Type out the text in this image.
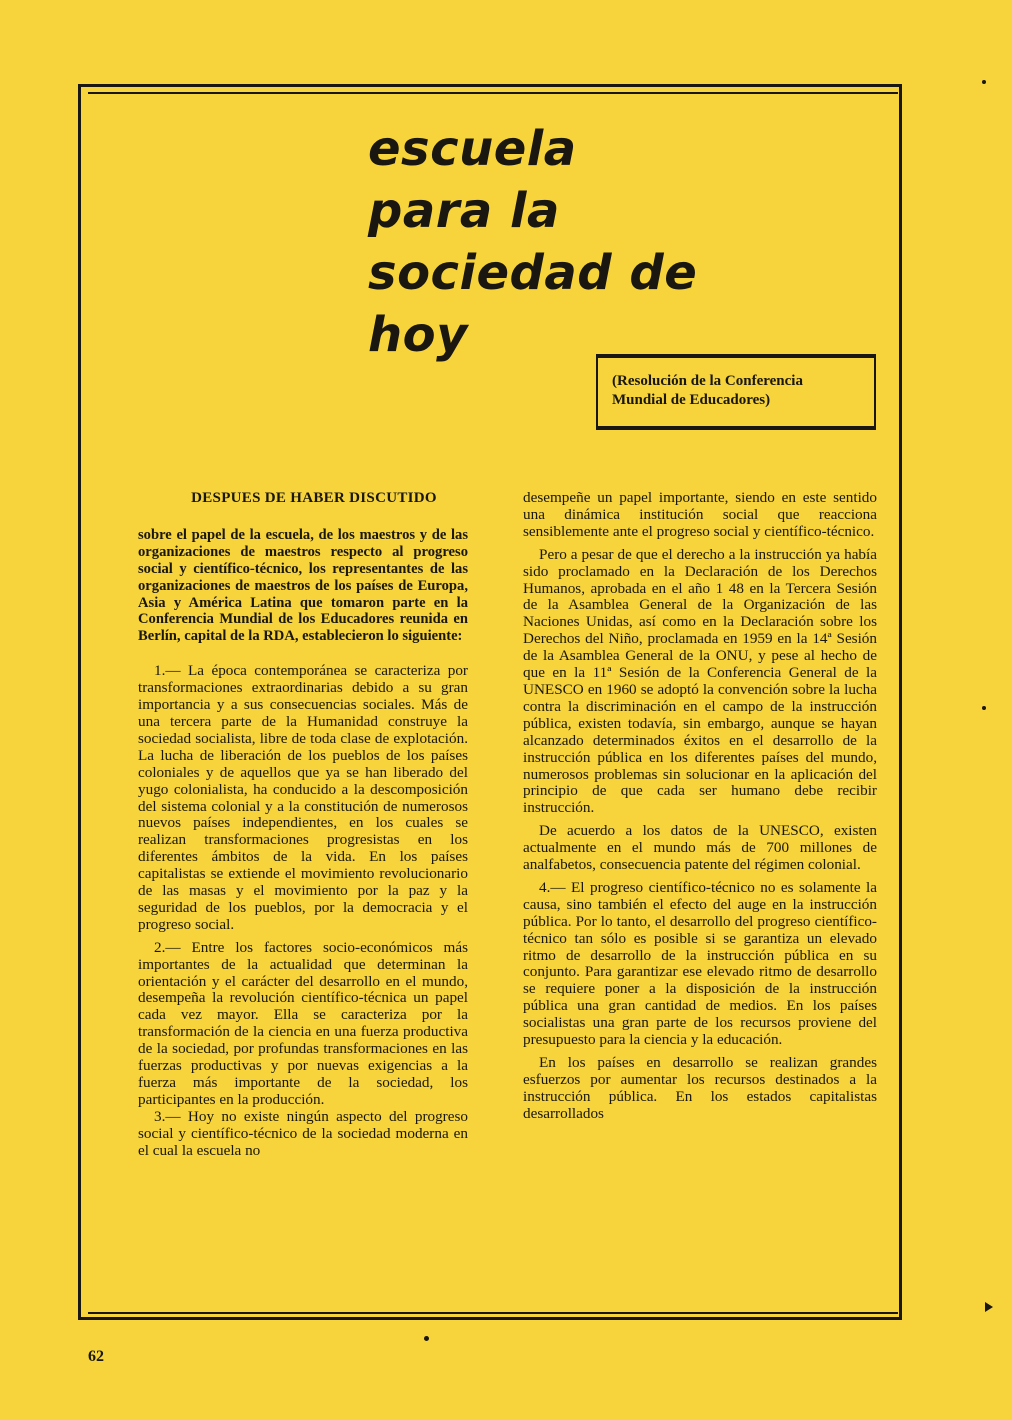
escuela
para la
sociedad de hoy
(Resolución de la Conferencia
Mundial de Educadores)
DESPUES DE HABER DISCUTIDO

sobre el papel de la escuela, de los maestros y de las organizaciones de maestros respecto al progreso social y científico-técnico, los representantes de las organizaciones de maestros de los países de Europa, Asia y América Latina que tomaron parte en la Conferencia Mundial de los Educadores reunida en Berlín, capital de la RDA, establecieron lo siguiente:

1.— La época contemporánea se caracteriza por transformaciones extraordinarias debido a su gran importancia y a sus consecuencias sociales. Más de una tercera parte de la Humanidad construye la sociedad socialista, libre de toda clase de explotación. La lucha de liberación de los pueblos de los países coloniales y de aquellos que ya se han liberado del yugo colonialista, ha conducido a la descomposición del sistema colonial y a la constitución de numerosos nuevos países independientes, en los cuales se realizan transformaciones progresistas en los diferentes ámbitos de la vida. En los países capitalistas se extiende el movimiento revolucionario de las masas y el movimiento por la paz y la seguridad de los pueblos, por la democracia y el progreso social.

2.— Entre los factores socio-económicos más importantes de la actualidad que determinan la orientación y el carácter del desarrollo en el mundo, desempeña la revolución científico-técnica un papel cada vez mayor. Ella se caracteriza por la transformación de la ciencia en una fuerza productiva de la sociedad, por profundas transformaciones en las fuerzas productivas y por nuevas exigencias a la fuerza más importante de la sociedad, los participantes en la producción.

3.— Hoy no existe ningún aspecto del progreso social y científico-técnico de la sociedad moderna en el cual la escuela no

desempeñe un papel importante, siendo en este sentido una dinámica institución social que reacciona sensiblemente ante el progreso social y científico-técnico.

Pero a pesar de que el derecho a la instrucción ya había sido proclamado en la Declaración de los Derechos Humanos, aprobada en el año 1 48 en la Tercera Sesión de la Asamblea General de la Organización de las Naciones Unidas, así como en la Declaración sobre los Derechos del Niño, proclamada en 1959 en la 14ª Sesión de la Asamblea General de la ONU, y pese al hecho de que en la 11ª Sesión de la Conferencia General de la UNESCO en 1960 se adoptó la convención sobre la lucha contra la discriminación en el campo de la instrucción pública, existen todavía, sin embargo, aunque se hayan alcanzado determinados éxitos en el desarrollo de la instrucción pública en los diferentes países del mundo, numerosos problemas sin solucionar en la aplicación del principio de que cada ser humano debe recibir instrucción.

De acuerdo a los datos de la UNESCO, existen actualmente en el mundo más de 700 millones de analfabetos, consecuencia patente del régimen colonial.

4.— El progreso científico-técnico no es solamente la causa, sino también el efecto del auge en la instrucción pública. Por lo tanto, el desarrollo del progreso científico-técnico tan sólo es posible si se garantiza un elevado ritmo de desarrollo de la instrucción pública en su conjunto. Para garantizar ese elevado ritmo de desarrollo se requiere poner a la disposición de la instrucción pública una gran cantidad de medios. En los países socialistas una gran parte de los recursos proviene del presupuesto para la ciencia y la educación.

En los países en desarrollo se realizan grandes esfuerzos por aumentar los recursos destinados a la instrucción pública. En los estados capitalistas desarrollados

62
